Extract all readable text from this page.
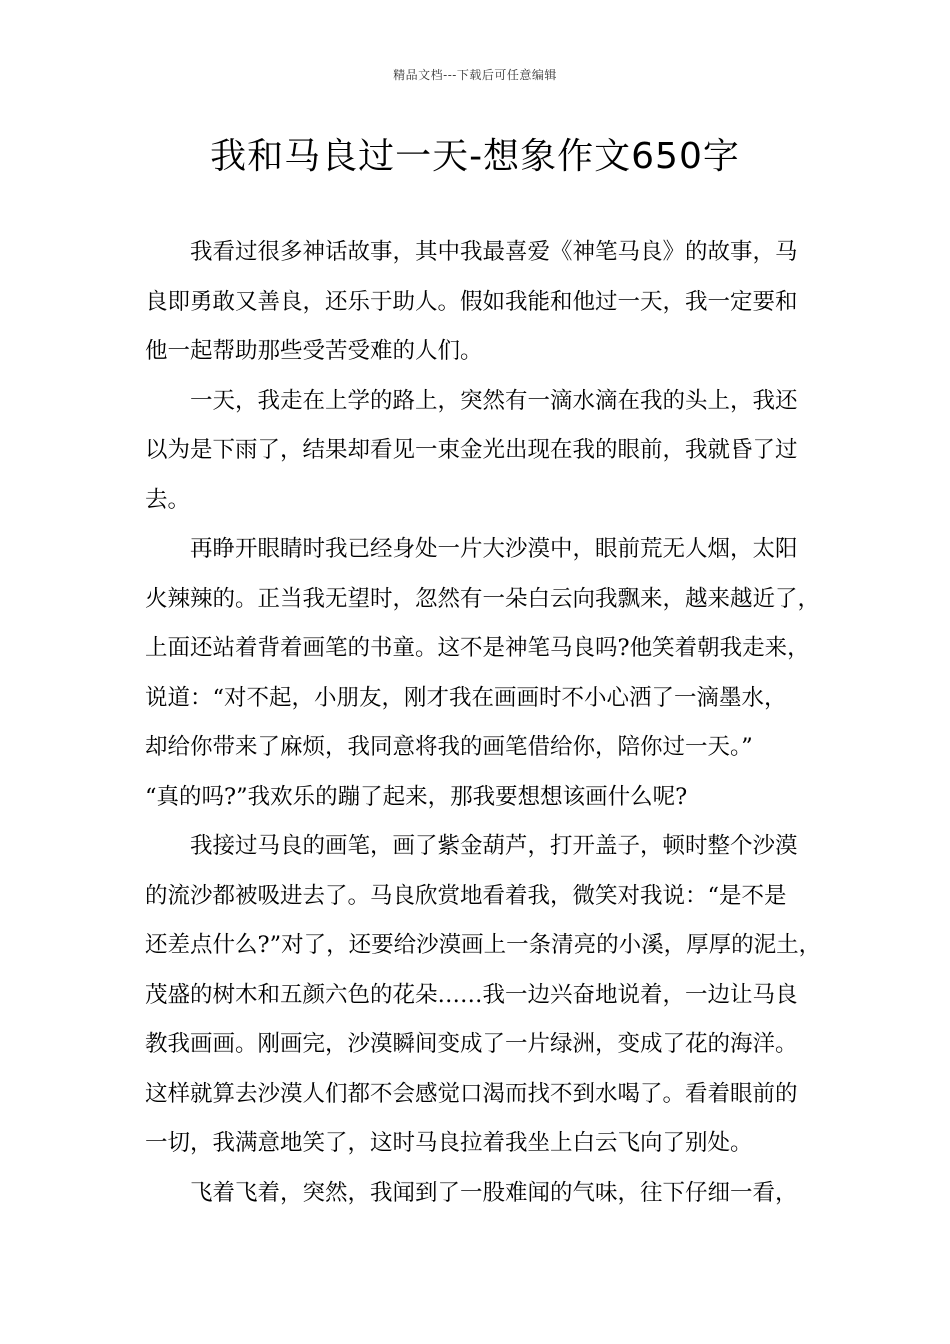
精品文档---下载后可任意编辑
我和马良过一天-想象作文650字
我看过很多神话故事，其中我最喜爱《神笔马良》的故事，马
良即勇敢又善良，还乐于助人。假如我能和他过一天，我一定要和
他一起帮助那些受苦受难的人们。
一天，我走在上学的路上，突然有一滴水滴在我的头上，我还
以为是下雨了，结果却看见一束金光出现在我的眼前，我就昏了过
去。
再睁开眼睛时我已经身处一片大沙漠中，眼前荒无人烟，太阳
火辣辣的。正当我无望时，忽然有一朵白云向我飘来，越来越近了，
上面还站着背着画笔的书童。这不是神笔马良吗?他笑着朝我走来，
说道：“对不起，小朋友，刚才我在画画时不小心洒了一滴墨水，
却给你带来了麻烦，我同意将我的画笔借给你，陪你过一天。”
“真的吗?”我欢乐的蹦了起来，那我要想想该画什么呢?
我接过马良的画笔，画了紫金葫芦，打开盖子，顿时整个沙漠
的流沙都被吸进去了。马良欣赏地看着我，微笑对我说：“是不是
还差点什么?”对了，还要给沙漠画上一条清亮的小溪，厚厚的泥土，
茂盛的树木和五颜六色的花朵……我一边兴奋地说着，一边让马良
教我画画。刚画完，沙漠瞬间变成了一片绿洲，变成了花的海洋。
这样就算去沙漠人们都不会感觉口渴而找不到水喝了。看着眼前的
一切，我满意地笑了，这时马良拉着我坐上白云飞向了别处。
飞着飞着，突然，我闻到了一股难闻的气味，往下仔细一看，
